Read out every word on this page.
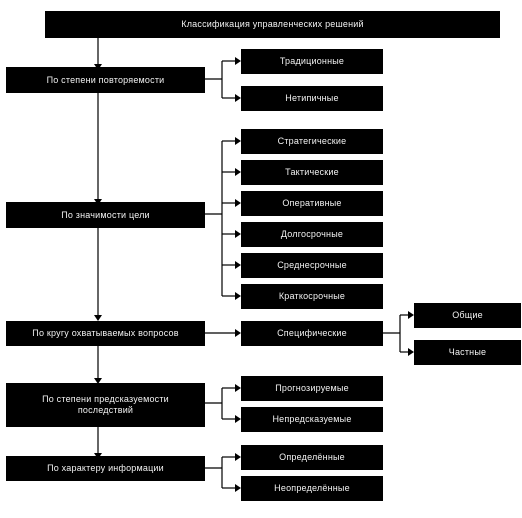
Классификация управленческих решений
По степени повторяемости
Традиционные
Нетипичные
По значимости цели
Стратегические
Тактические
Оперативные
Долгосрочные
Среднесрочные
Краткосрочные
По кругу охватываемых вопросов	Специфические
Общие
Частные
По степени предсказуемости последствий
Прогнозируемые
Непредсказуемые
По характеру информации
Определённые
Неопределённые
